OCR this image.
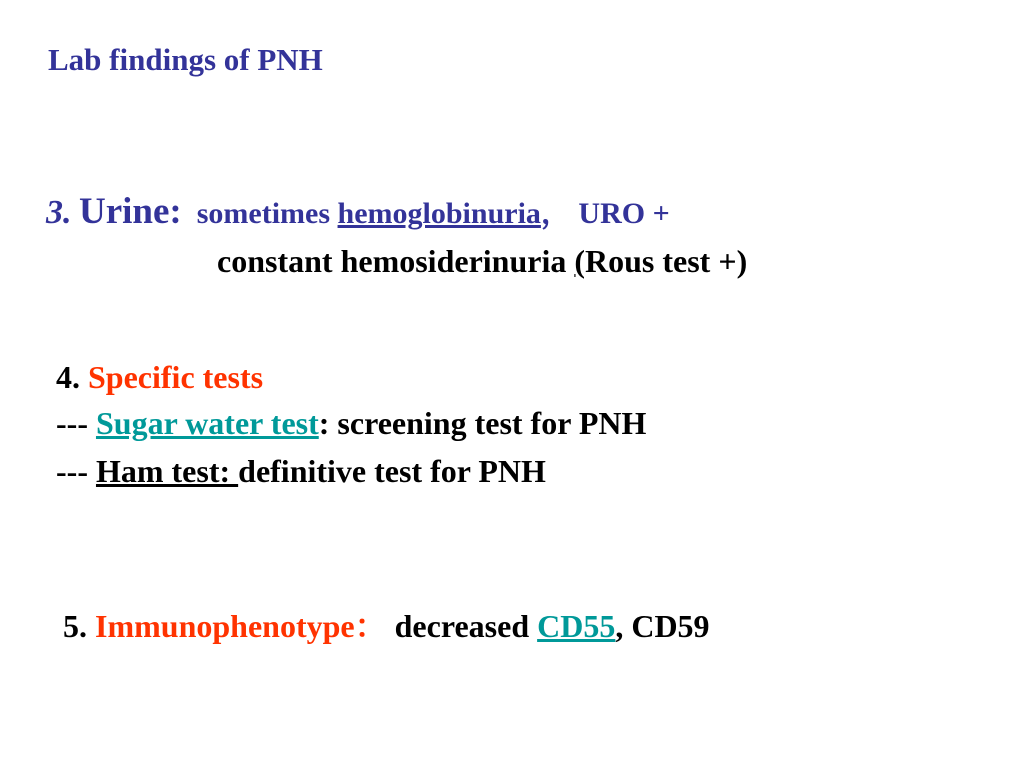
Lab findings of PNH
3. Urine: sometimes hemoglobinuria， URO +
constant hemosiderinuria (Rous test +)
4. Specific tests
--- Sugar water test: screening test for PNH
--- Ham test: definitive test for PNH
5. Immunophenotype： decreased CD55, CD59
